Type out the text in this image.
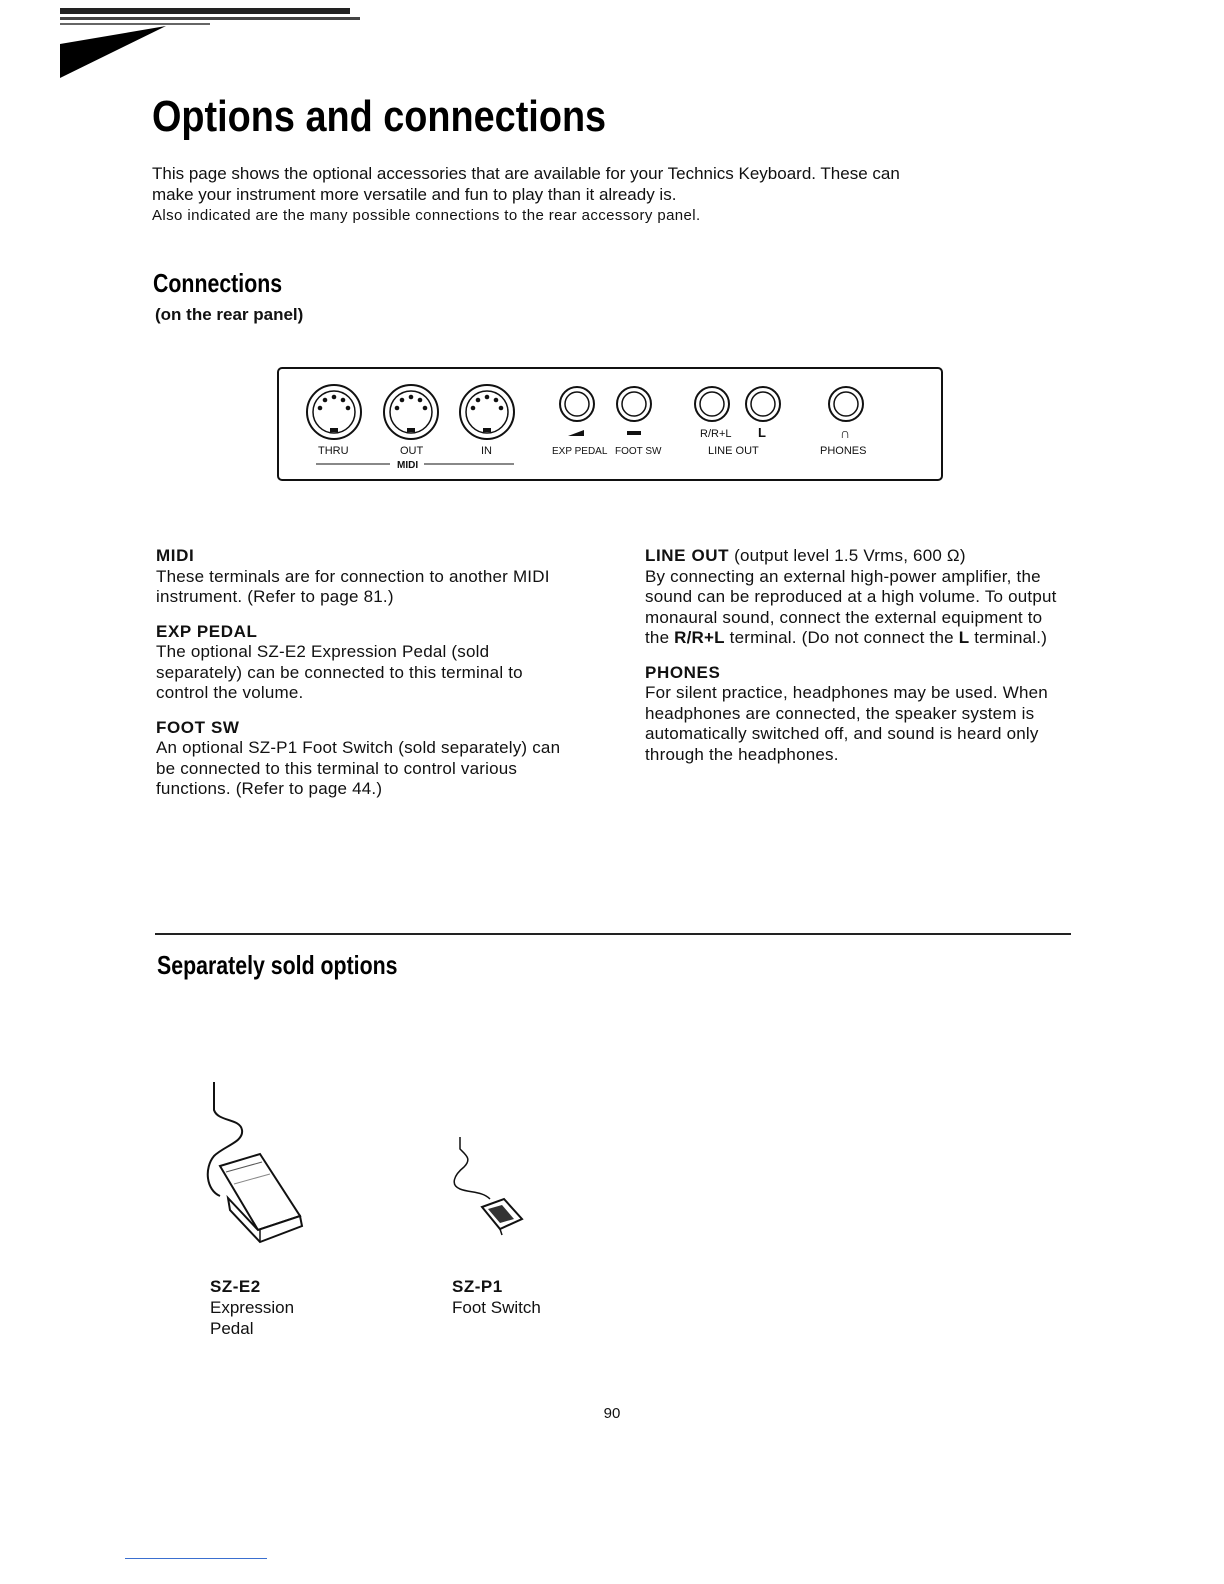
Options and connections

This page shows the optional accessories that are available for your Technics Keyboard. These can

make your instrument more versatile and fun to play than it already is.

Also indicated are the many possible connections to the rear accessory panel.

Connections
(on the rear panel)
R/R+L L	∩
THRU	OUT	IN
MIDI
EXP PEDAL FOOT SW	LINE OUT	PHONES
MIDI

These terminals are for connection to another MIDI instrument. (Refer to page 81.)

EXP PEDAL

The optional SZ-E2 Expression Pedal (sold separately) can be connected to this terminal to control the volume.

FOOT SW

An optional SZ-P1 Foot Switch (sold separately) can be connected to this terminal to control various functions. (Refer to page 44.)

LINE OUT (output level 1.5 Vrms, 600 Ω)

By connecting an external high-power amplifier, the sound can be reproduced at a high volume. To output monaural sound, connect the external equipment to the R/R+L terminal. (Do not connect the L terminal.)

PHONES

For silent practice, headphones may be used. When headphones are connected, the speaker system is automatically switched off, and sound is heard only through the headphones.

Separately sold options
SZ-E2
Expression
Pedal
SZ-P1
Foot Switch
90
